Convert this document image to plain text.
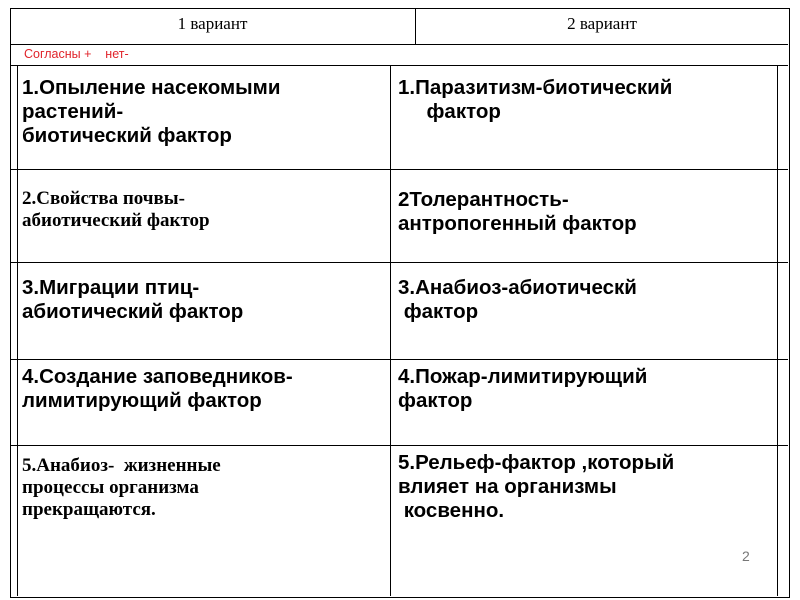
1 вариант	2 вариант
Согласны +    нет-
1.Опыление насекомыми
растений-
биотический фактор
1.Паразитизм-биотический
фактор
2.Свойства почвы-
абиотический фактор
2Толерантность-
антропогенный фактор
3.Миграции птиц-
абиотический фактор
3.Анабиоз-абиотическй
фактор
4.Создание заповедников-
лимитирующий фактор
4.Пожар-лимитирующий
фактор
5.Анабиоз-  жизненные
процессы организма
прекращаются.
5.Рельеф-фактор ,который
влияет на организмы
косвенно.
2
